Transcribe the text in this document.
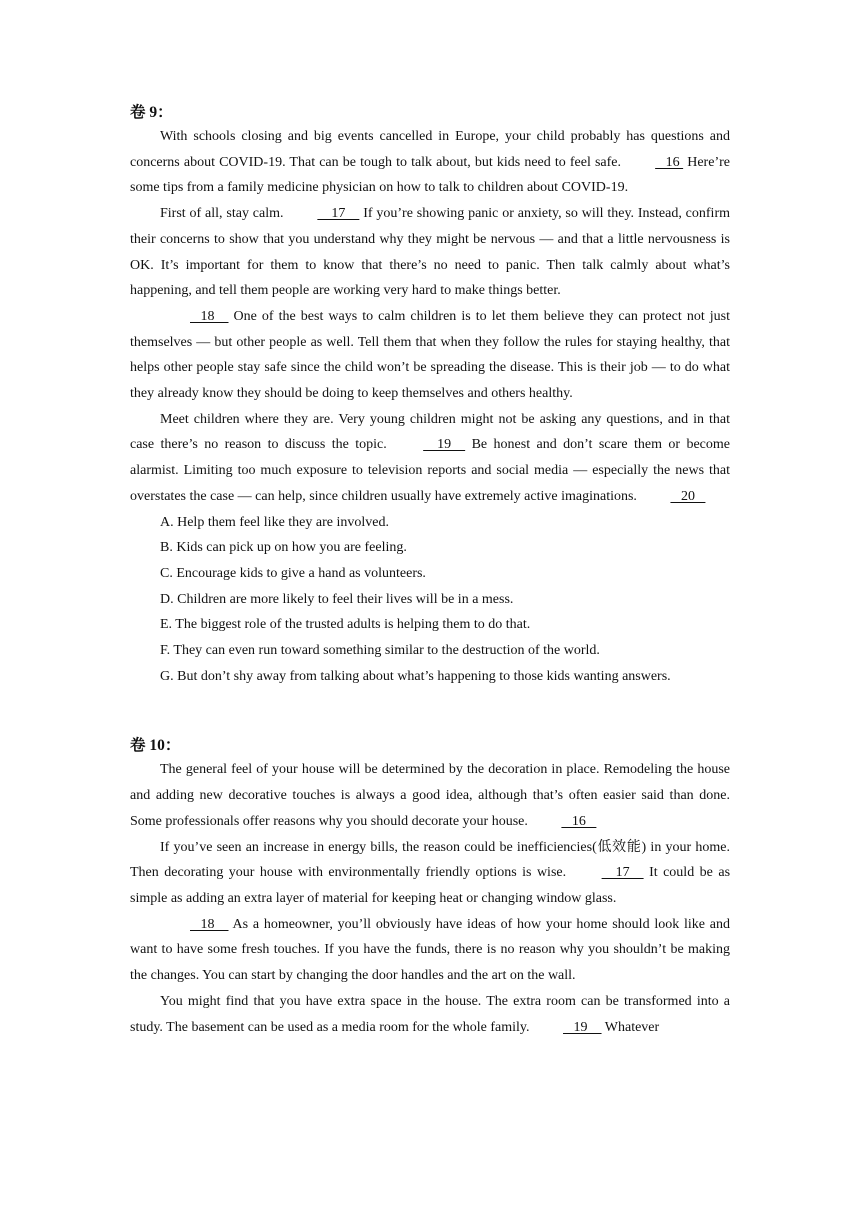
卷 9：

With schools closing and big events cancelled in Europe, your child probably has questions and concerns about COVID-19. That can be tough to talk about, but kids need to feel safe.    16  Here’re some tips from a family medicine physician on how to talk to children about COVID-19.

First of all, stay calm.     17     If you’re showing panic or anxiety, so will they. Instead, confirm their concerns to show that you understand why they might be nervous — and that a little nervousness is OK. It’s important for them to know that there’s no need to panic. Then talk calmly about what’s happening, and tell them people are working very hard to make things better.

18     One of the best ways to calm children is to let them believe they can protect not just themselves — but other people as well. Tell them that when they follow the rules for staying healthy, that helps other people stay safe since the child won’t be spreading the disease. This is their job — to do what they already know they should be doing to keep themselves and others healthy.

Meet children where they are. Very young children might not be asking any questions, and in that case there’s no reason to discuss the topic.     19     Be honest and don’t scare them or become alarmist. Limiting too much exposure to television reports and social media — especially the news that overstates the case — can help, since children usually have extremely active imaginations.    20

A. Help them feel like they are involved.
B. Kids can pick up on how you are feeling.
C. Encourage kids to give a hand as volunteers.
D. Children are more likely to feel their lives will be in a mess.
E. The biggest role of the trusted adults is helping them to do that.
F. They can even run toward something similar to the destruction of the world.
G. But don’t shy away from talking about what’s happening to those kids wanting answers.
卷 10：

The general feel of your house will be determined by the decoration in place. Remodeling the house and adding new decorative touches is always a good idea, although that’s often easier said than done. Some professionals offer reasons why you should decorate your house.    16

If you’ve seen an increase in energy bills, the reason could be inefficiencies(低效能) in your home. Then decorating your house with environmentally friendly options is wise.     17     It could be as simple as adding an extra layer of material for keeping heat or changing window glass.

18     As a homeowner, you’ll obviously have ideas of how your home should look like and want to have some fresh touches. If you have the funds, there is no reason why you shouldn’t be making the changes. You can start by changing the door handles and the art on the wall.

You might find that you have extra space in the house. The extra room can be transformed into a study. The basement can be used as a media room for the whole family.    19     Whatever
